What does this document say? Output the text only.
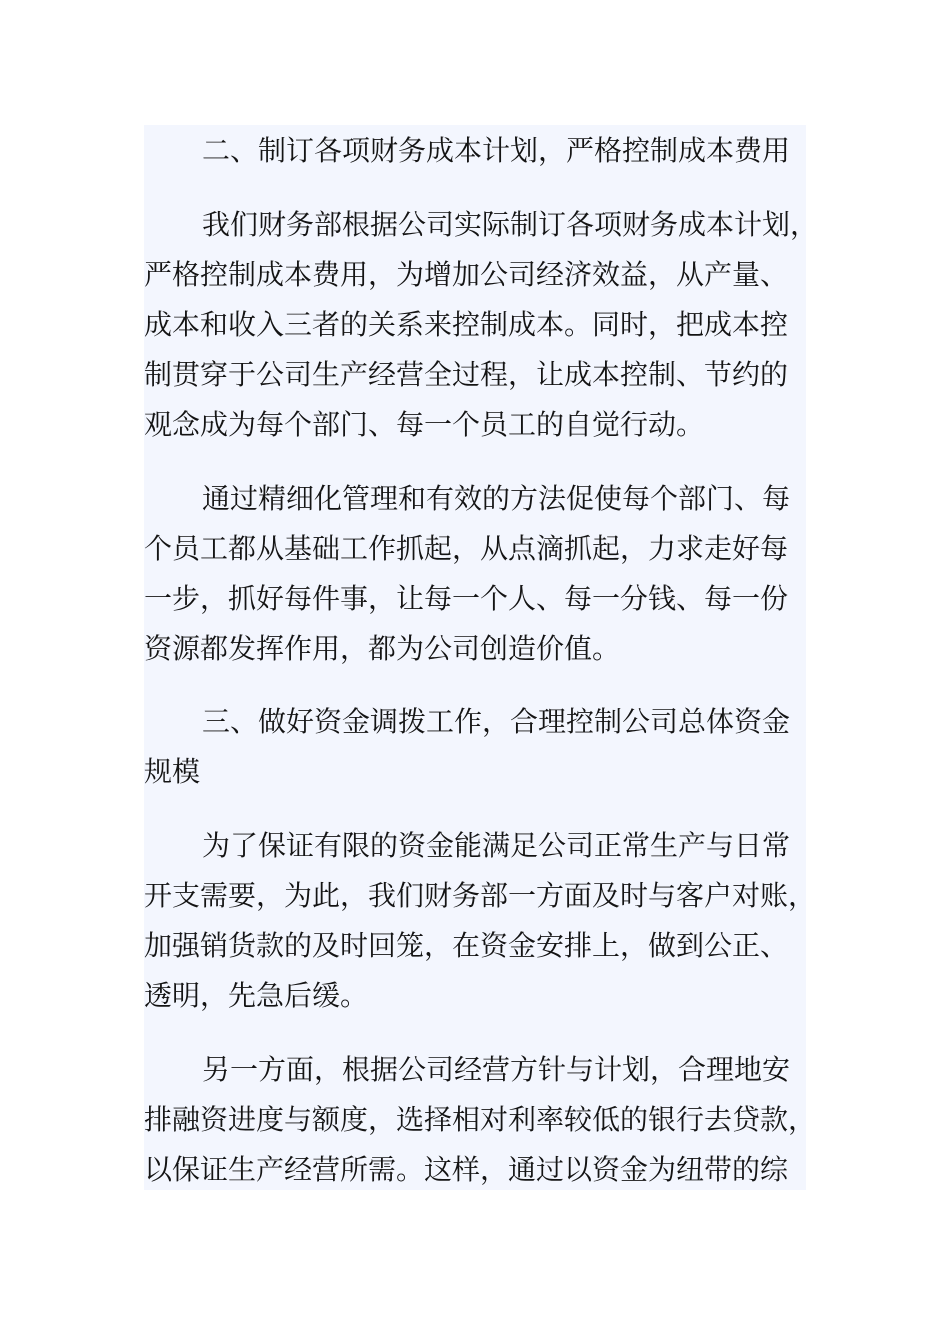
二、制订各项财务成本计划，严格控制成本费用
我们财务部根据公司实际制订各项财务成本计划，
严格控制成本费用，为增加公司经济效益，从产量、
成本和收入三者的关系来控制成本。同时，把成本控
制贯穿于公司生产经营全过程，让成本控制、节约的
观念成为每个部门、每一个员工的自觉行动。
通过精细化管理和有效的方法促使每个部门、每
个员工都从基础工作抓起，从点滴抓起，力求走好每
一步，抓好每件事，让每一个人、每一分钱、每一份
资源都发挥作用，都为公司创造价值。
三、做好资金调拨工作，合理控制公司总体资金
规模
为了保证有限的资金能满足公司正常生产与日常
开支需要，为此，我们财务部一方面及时与客户对账，
加强销货款的及时回笼，在资金安排上，做到公正、
透明，先急后缓。
另一方面，根据公司经营方针与计划，合理地安
排融资进度与额度，选择相对利率较低的银行去贷款，
以保证生产经营所需。这样，通过以资金为纽带的综
